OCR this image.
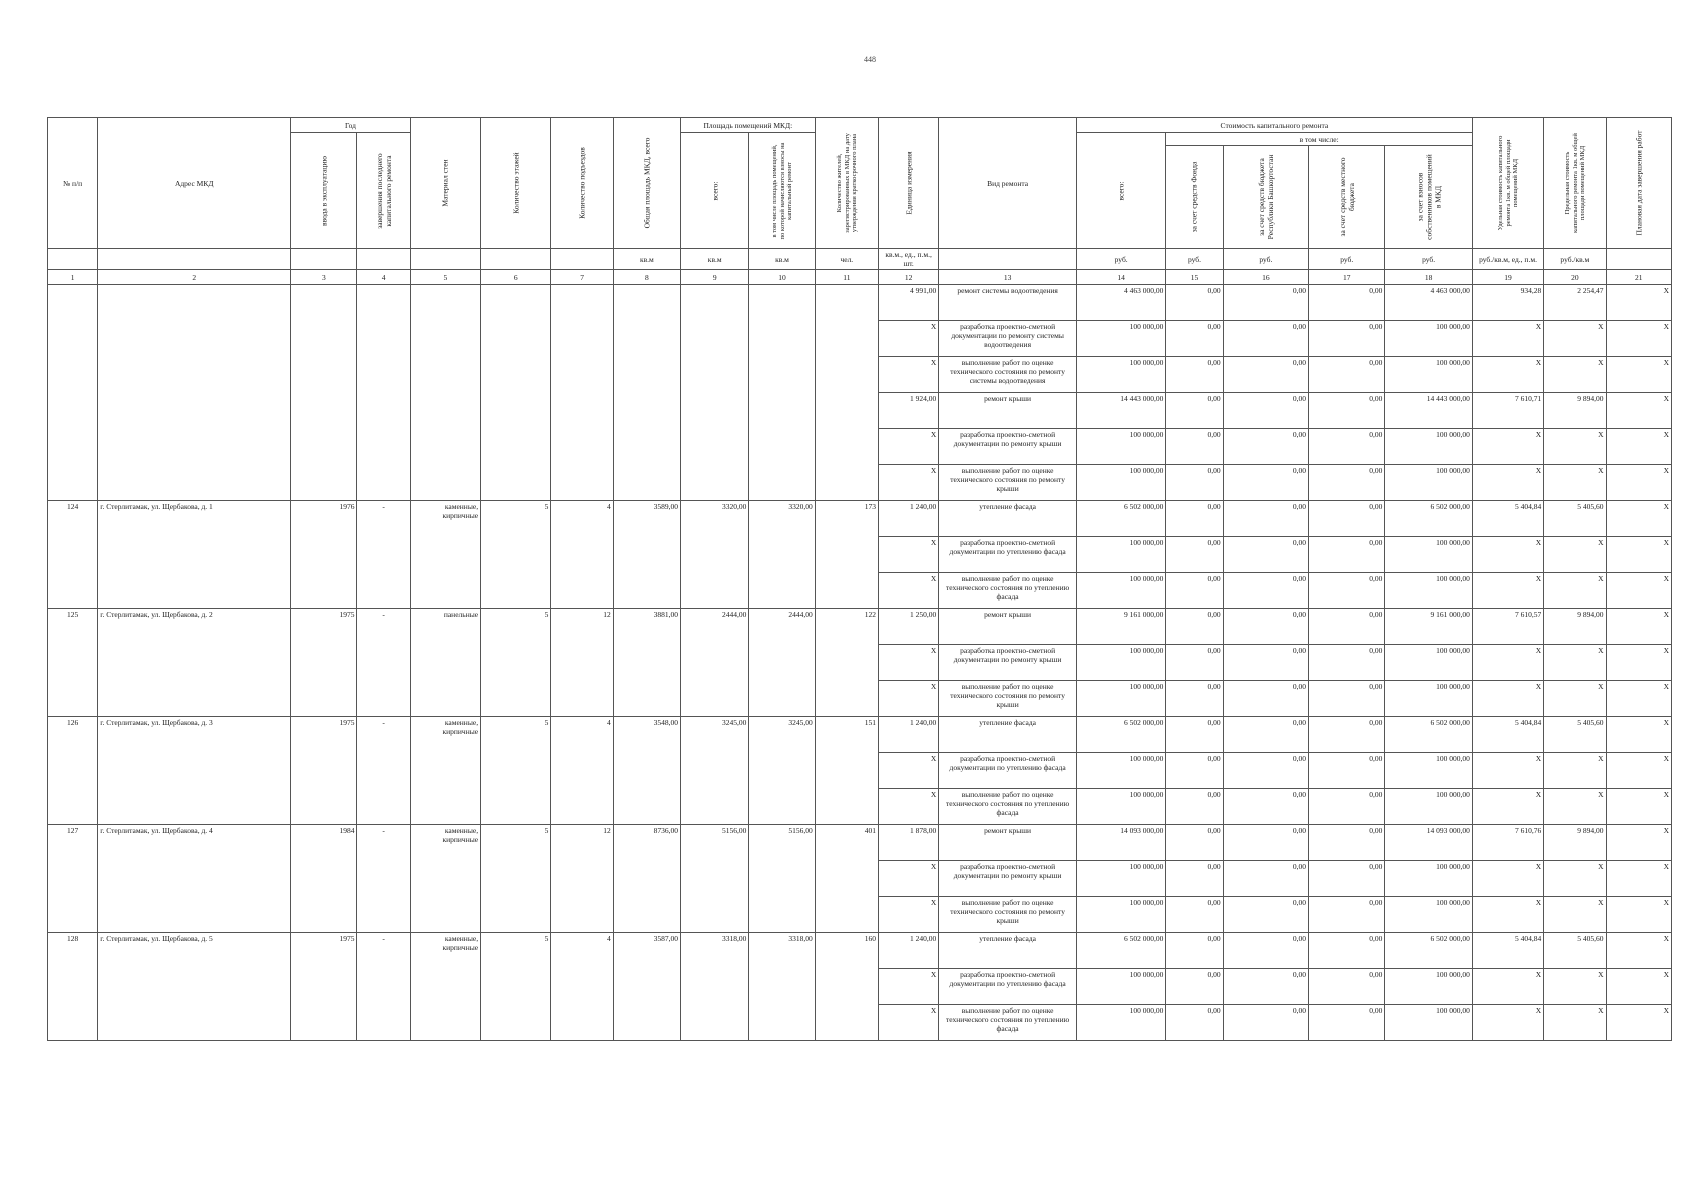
448
№ п/п	Адрес МКД	Год		Материал стен	Количество этажей	Количество подъездов	Общая площадь МКД, всего	Площадь помещений МКД:		Количество жителей, зарегистрированных в МКД на дату утверждения краткосрочного плана	Единица измерения	Вид ремонта	Стоимость капитального ремонта					Удельная стоимость капитального ремонта 1кв. м общей площади помещений МКД	Предельная стоимость капитального ремонта 1кв. м общей площади помещений МКД	Плановая дата завершения работ

		ввода в эксплуатацию	завершения последнего капитального ремонта					всего:	в том числе площадь помещений, по которой начисляются взносы на капитальный ремонт				всего:	в том числе:						

														за счет средств Фонда	за счет средств бюджета Республики Башкортостан	за счет средств местного бюджета	за счет взносов собственников помещений в МКД			

							кв.м	кв.м	кв.м	чел.	кв.м., ед., п.м., шт.		руб.	руб.	руб.	руб.	руб.	руб./кв.м, ед., п.м.	руб./кв.м	
1	2	3	4	5	6	7	8	9	10	11	12	13	14	15	16	17	18	19	20	21
											4 991,00	ремонт системы водоотведения	4 463 000,00	0,00	0,00	0,00	4 463 000,00	934,28	2 254,47	X
											X	разработка проектно-сметной документации по ремонту системы водоотведения	100 000,00	0,00	0,00	0,00	100 000,00	X	X	X
											X	выполнение работ по оценке технического состояния по ремонту системы водоотведения	100 000,00	0,00	0,00	0,00	100 000,00	X	X	X
											1 924,00	ремонт крыши	14 443 000,00	0,00	0,00	0,00	14 443 000,00	7 610,71	9 894,00	X
											X	разработка проектно-сметной документации по ремонту крыши	100 000,00	0,00	0,00	0,00	100 000,00	X	X	X
											X	выполнение работ по оценке технического состояния по ремонту крыши	100 000,00	0,00	0,00	0,00	100 000,00	X	X	X
124	г. Стерлитамак, ул. Щербакова, д. 1	1976	-	каменные, кирпичные	5	4	3589,00	3320,00	3320,00	173	1 240,00	утепление фасада	6 502 000,00	0,00	0,00	0,00	6 502 000,00	5 404,84	5 405,60	X
											X	разработка проектно-сметной документации по утеплению фасада	100 000,00	0,00	0,00	0,00	100 000,00	X	X	X
											X	выполнение работ по оценке технического состояния по утеплению фасада	100 000,00	0,00	0,00	0,00	100 000,00	X	X	X
125	г. Стерлитамак, ул. Щербакова, д. 2	1975	-	панельные	5	12	3881,00	2444,00	2444,00	122	1 250,00	ремонт крыши	9 161 000,00	0,00	0,00	0,00	9 161 000,00	7 610,57	9 894,00	X
											X	разработка проектно-сметной документации по ремонту крыши	100 000,00	0,00	0,00	0,00	100 000,00	X	X	X
											X	выполнение работ по оценке технического состояния по ремонту крыши	100 000,00	0,00	0,00	0,00	100 000,00	X	X	X
126	г. Стерлитамак, ул. Щербакова, д. 3	1975	-	каменные, кирпичные	5	4	3548,00	3245,00	3245,00	151	1 240,00	утепление фасада	6 502 000,00	0,00	0,00	0,00	6 502 000,00	5 404,84	5 405,60	X
											X	разработка проектно-сметной документации по утеплению фасада	100 000,00	0,00	0,00	0,00	100 000,00	X	X	X
											X	выполнение работ по оценке технического состояния по утеплению фасада	100 000,00	0,00	0,00	0,00	100 000,00	X	X	X
127	г. Стерлитамак, ул. Щербакова, д. 4	1984	-	каменные, кирпичные	5	12	8736,00	5156,00	5156,00	401	1 878,00	ремонт крыши	14 093 000,00	0,00	0,00	0,00	14 093 000,00	7 610,76	9 894,00	X
											X	разработка проектно-сметной документации по ремонту крыши	100 000,00	0,00	0,00	0,00	100 000,00	X	X	X
											X	выполнение работ по оценке технического состояния по ремонту крыши	100 000,00	0,00	0,00	0,00	100 000,00	X	X	X
128	г. Стерлитамак, ул. Щербакова, д. 5	1975	-	каменные, кирпичные	5	4	3587,00	3318,00	3318,00	160	1 240,00	утепление фасада	6 502 000,00	0,00	0,00	0,00	6 502 000,00	5 404,84	5 405,60	X
											X	разработка проектно-сметной документации по утеплению фасада	100 000,00	0,00	0,00	0,00	100 000,00	X	X	X
											X	выполнение работ по оценке технического состояния по утеплению фасада	100 000,00	0,00	0,00	0,00	100 000,00	X	X	X
